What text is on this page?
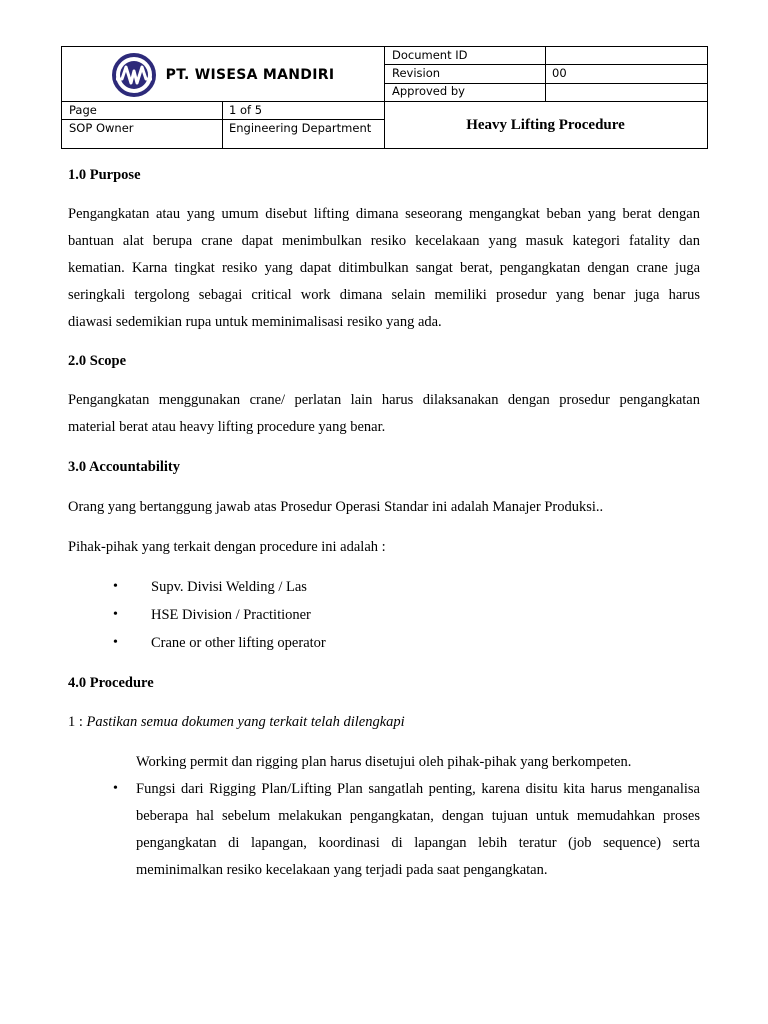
PT. WISESA MANDIRI
Document ID
Revision	00
Approved by
Page	1 of 5
SOP Owner	Engineering Department	Heavy Lifting Procedure
1.0 Purpose
Pengangkatan atau yang umum disebut lifting dimana seseorang mengangkat beban yang berat dengan
bantuan alat berupa crane dapat menimbulkan resiko kecelakaan yang masuk kategori fatality dan
kematian. Karna tingkat resiko yang dapat ditimbulkan sangat berat, pengangkatan dengan crane juga
seringkali tergolong sebagai critical work dimana selain memiliki prosedur yang benar juga harus
diawasi sedemikian rupa untuk meminimalisasi resiko yang ada.
2.0 Scope
Pengangkatan menggunakan crane/ perlatan lain harus dilaksanakan dengan prosedur pengangkatan
material berat atau heavy lifting procedure yang benar.
3.0 Accountability
Orang yang bertanggung jawab atas Prosedur Operasi Standar ini adalah Manajer Produksi..
Pihak-pihak yang terkait dengan procedure ini adalah :
• Supv. Divisi Welding / Las
• HSE Division / Practitioner
• Crane or other lifting operator
4.0 Procedure
1 : Pastikan semua dokumen yang terkait telah dilengkapi
Working permit dan rigging plan harus disetujui oleh pihak-pihak yang berkompeten.
• Fungsi dari Rigging Plan/Lifting Plan sangatlah penting, karena disitu kita harus menganalisa
beberapa hal sebelum melakukan pengangkatan, dengan tujuan untuk memudahkan proses
pengangkatan di lapangan, koordinasi di lapangan lebih teratur (job sequence) serta
meminimalkan resiko kecelakaan yang terjadi pada saat pengangkatan.
